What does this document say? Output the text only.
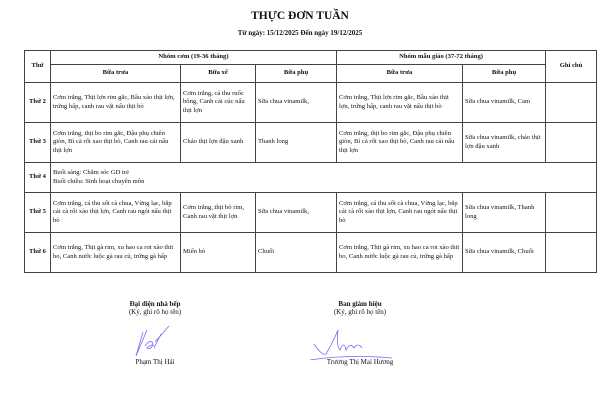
THỰC ĐƠN TUẦN
Từ ngày: 15/12/2025 Đến ngày 19/12/2025
Thứ	Nhóm cơm (19-36 tháng)			Nhóm mẫu giáo (37-72 tháng)		Ghi chú
	Bữa trưa	Bữa xế	Bữa phụ	Bữa trưa	Bữa phụ	
Thứ 2	Cơm trắng, Thịt lợn rim gắc, Bầu xào thịt lợn, trứng hấp, canh rau vặt nấu thịt bò	Cơm trắng, cá thu ruốc bông, Canh cải cúc nấu thịt lợn	Sữa chua vinamilk,	Cơm trắng, Thịt lợn rim gắc, Bầu xào thịt lợn, trứng hấp, canh rau vặt nấu thịt bò	Sữa chua vinamilk, Cam	
Thứ 3	Cơm trắng, thịt bo rim gắc, Đậu phụ chiên giòn, Bí cà rốt xao thịt bò, Canh rau cải nấu thịt lợn	Cháo thịt lợn đậu xanh	Thanh long	Cơm trắng, thịt bo rim gắc, Đậu phụ chiên giòn, Bí cà rốt xao thịt bò, Canh rau cải nấu thịt lợn	Sữa chua vinamilk, cháo thịt lợn đậu xanh	
Thứ 4	Buổi sáng: Chăm sóc GD trẻ
Buổi chiều: Sinh hoạt chuyên môn					

Thứ 5	Cơm trắng, cá thu sốt cà chua, Vừng lạc, bắp cải cà rốt xào thịt lợn, Canh rau ngót nấu thịt bò	Cơm trắng, thịt bò rim, Canh rau vặt thịt lợn	Sữa chua vinamilk,	Cơm trắng, cá thu sốt cà chua, Vừng lạc, bắp cải cà rốt xào thịt lợn, Canh rau ngót nấu thịt bò	Sữa chua vinamilk, Thanh long	
Thứ 6	Cơm trắng, Thịt gà rim, xu hao ca rot xào thit bo, Canh nước luộc gà rau củ, trứng gà hấp	Miến bò	Chuối	Cơm trắng, Thịt gà rim, xu hao ca rot xào thit bo, Canh nước luộc gà rau củ, trứng gà hấp	Sữa chua vinamilk, Chuối	
Đại diện nhà bếp
(Ký, ghi rõ họ tên)
Phạm Thị Hải
Ban giám hiệu
(Ký, ghi rõ họ tên)
Trương Thị Mai Hương
